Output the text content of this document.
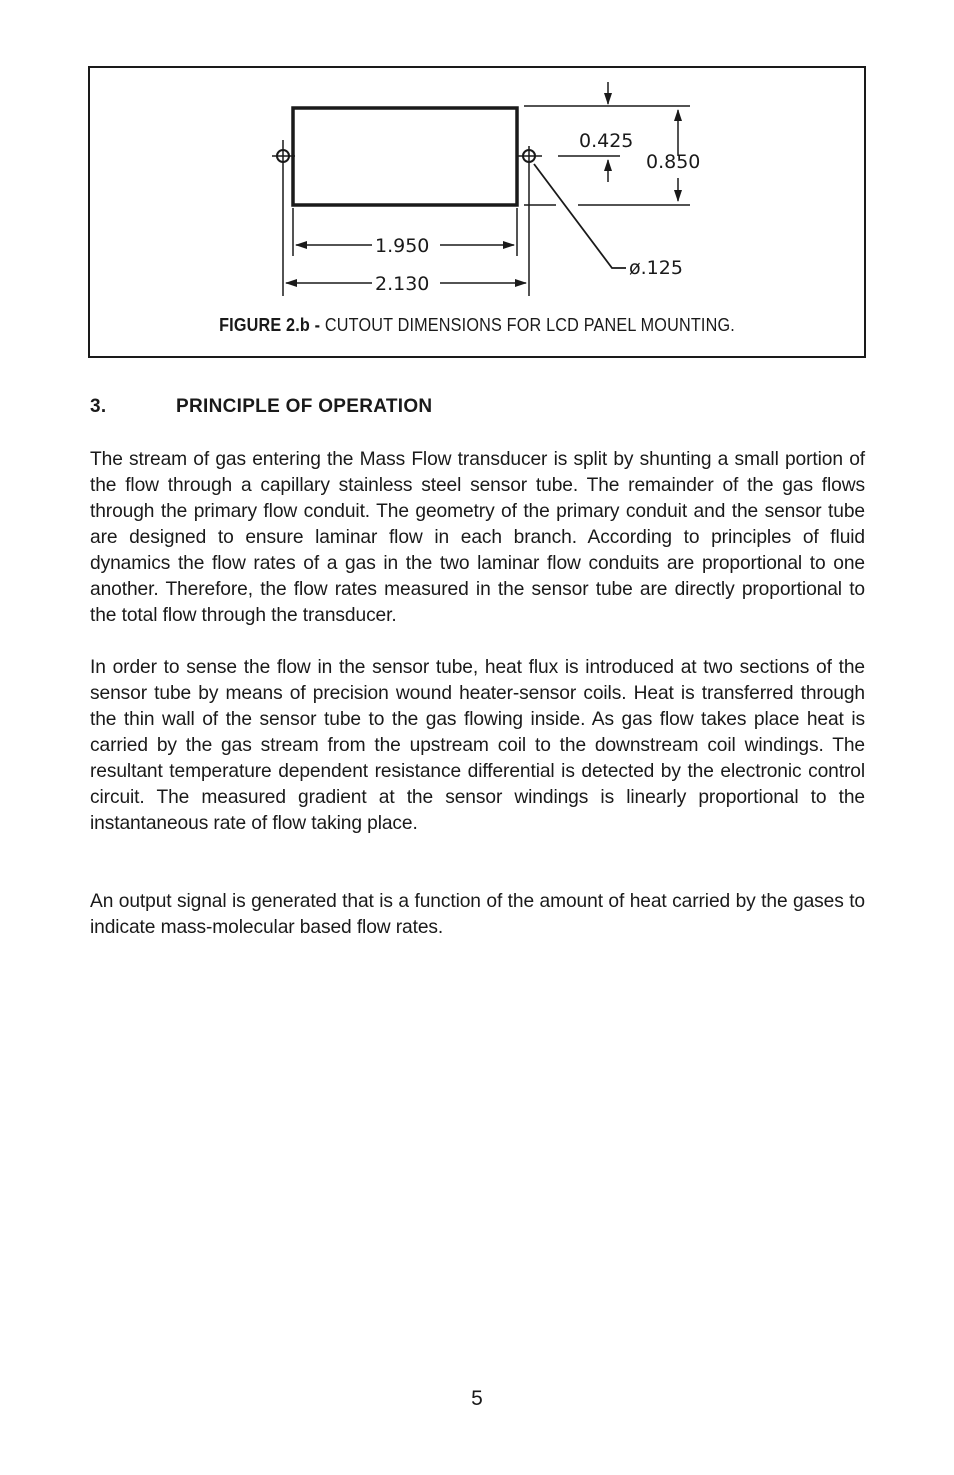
0.425
0.850
1.950
2.130
ø.125
FIGURE 2.b - CUTOUT DIMENSIONS FOR LCD PANEL MOUNTING.
3.	PRINCIPLE OF OPERATION

The stream of gas entering the Mass Flow transducer is split by shunting a small portion of the flow through a capillary stainless steel sensor tube. The remainder of the gas flows through the primary flow conduit. The geometry of the primary conduit and the sensor tube are designed to ensure laminar flow in each branch. According to principles of fluid dynamics the flow rates of a gas in the two laminar flow conduits are proportional to one another. Therefore, the flow rates measured in the sensor tube are directly proportional to the total flow through the transducer.

In order to sense the flow in the sensor tube, heat flux is introduced at two sections of the sensor tube by means of precision wound heater-sensor coils. Heat is transferred through the thin wall of the sensor tube to the gas flowing inside. As gas flow takes place heat is carried by the gas stream from the upstream coil to the downstream coil windings. The resultant temperature dependent resistance differential is detected by the electronic control circuit. The measured gradient at the sensor windings is linearly proportional to the instantaneous rate of flow taking place.

An output signal is generated that is a function of the amount of heat carried by the gases to indicate mass-molecular based flow rates.

5
